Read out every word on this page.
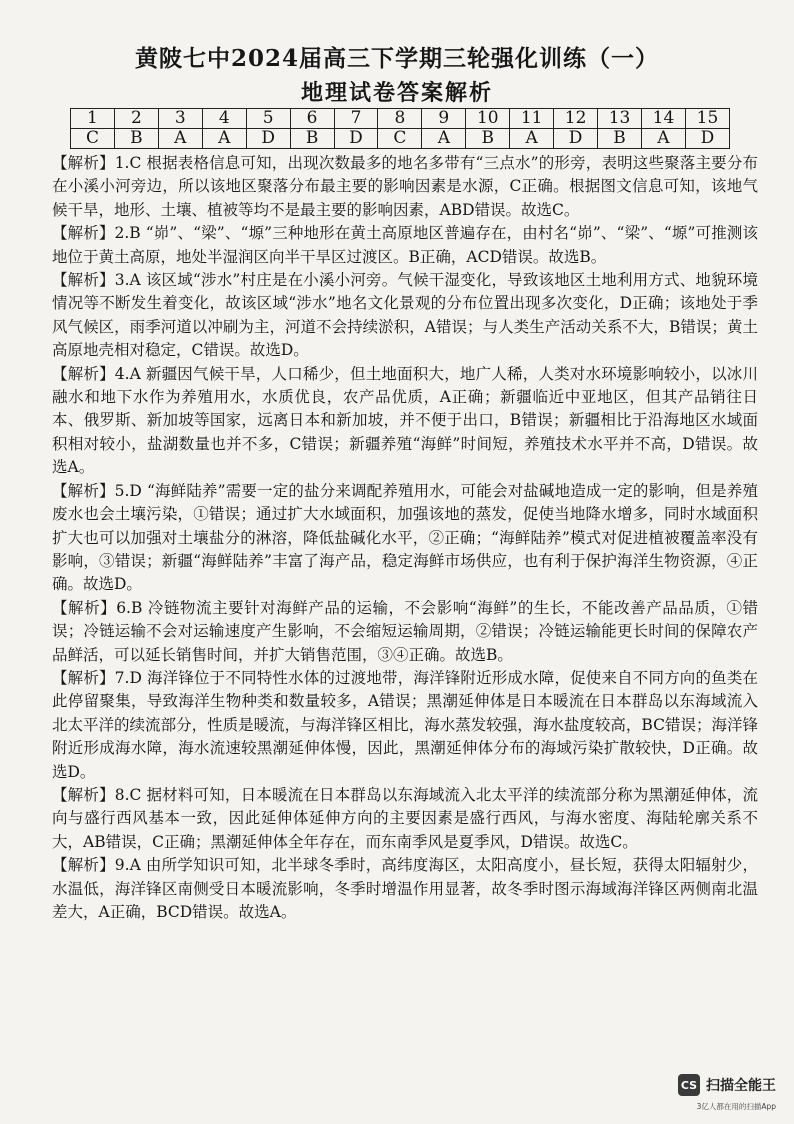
黄陂七中2024届高三下学期三轮强化训练（一）
地理试卷答案解析
1	2	3	4	5	6	7	8	9	10	11	12	13	14	15
C	B	A	A	D	B	D	C	A	B	A	D	B	A	D

【解析】1.C 根据表格信息可知，出现次数最多的地名多带有“三点水”的形旁，表明这些聚落主要分布在小溪小河旁边，所以该地区聚落分布最主要的影响因素是水源，C正确。根据图文信息可知，该地气候干旱，地形、土壤、植被等均不是最主要的影响因素，ABD错误。故选C。

【解析】2.B “峁”、“梁”、“塬”三种地形在黄土高原地区普遍存在，由村名“峁”、“梁”、“塬”可推测该地位于黄土高原，地处半湿润区向半干旱区过渡区。B正确，ACD错误。故选B。

【解析】3.A 该区域“涉水”村庄是在小溪小河旁。气候干湿变化，导致该地区土地利用方式、地貌环境情况等不断发生着变化，故该区域“涉水”地名文化景观的分布位置出现多次变化，D正确；该地处于季风气候区，雨季河道以冲刷为主，河道不会持续淤积，A错误；与人类生产活动关系不大，B错误；黄土高原地壳相对稳定，C错误。故选D。

【解析】4.A 新疆因气候干旱，人口稀少，但土地面积大，地广人稀，人类对水环境影响较小，以冰川融水和地下水作为养殖用水，水质优良，农产品优质，A正确；新疆临近中亚地区，但其产品销往日本、俄罗斯、新加坡等国家，远离日本和新加坡，并不便于出口，B错误；新疆相比于沿海地区水域面积相对较小，盐湖数量也并不多，C错误；新疆养殖“海鲜”时间短，养殖技术水平并不高，D错误。故选A。

【解析】5.D “海鲜陆养”需要一定的盐分来调配养殖用水，可能会对盐碱地造成一定的影响，但是养殖废水也会土壤污染，①错误；通过扩大水域面积，加强该地的蒸发，促使当地降水增多，同时水域面积扩大也可以加强对土壤盐分的淋溶，降低盐碱化水平，②正确；“海鲜陆养”模式对促进植被覆盖率没有影响，③错误；新疆“海鲜陆养”丰富了海产品，稳定海鲜市场供应，也有利于保护海洋生物资源，④正确。故选D。

【解析】6.B 冷链物流主要针对海鲜产品的运输，不会影响“海鲜”的生长，不能改善产品品质，①错误；冷链运输不会对运输速度产生影响，不会缩短运输周期，②错误；冷链运输能更长时间的保障农产品鲜活，可以延长销售时间，并扩大销售范围，③④正确。故选B。

【解析】7.D 海洋锋位于不同特性水体的过渡地带，海洋锋附近形成水障，促使来自不同方向的鱼类在此停留聚集，导致海洋生物种类和数量较多，A错误；黑潮延伸体是日本暖流在日本群岛以东海域流入北太平洋的续流部分，性质是暖流，与海洋锋区相比，海水蒸发较强，海水盐度较高，BC错误；海洋锋附近形成海水障，海水流速较黑潮延伸体慢，因此，黑潮延伸体分布的海域污染扩散较快，D正确。故选D。

【解析】8.C 据材料可知，日本暖流在日本群岛以东海域流入北太平洋的续流部分称为黑潮延伸体，流向与盛行西风基本一致，因此延伸体延伸方向的主要因素是盛行西风，与海水密度、海陆轮廓关系不大，AB错误，C正确；黑潮延伸体全年存在，而东南季风是夏季风，D错误。故选C。

【解析】9.A 由所学知识可知，北半球冬季时，高纬度海区，太阳高度小，昼长短，获得太阳辐射少，水温低，海洋锋区南侧受日本暖流影响，冬季时增温作用显著，故冬季时图示海域海洋锋区两侧南北温差大，A正确，BCD错误。故选A。

CS 扫描全能王
3亿人都在用的扫描App
